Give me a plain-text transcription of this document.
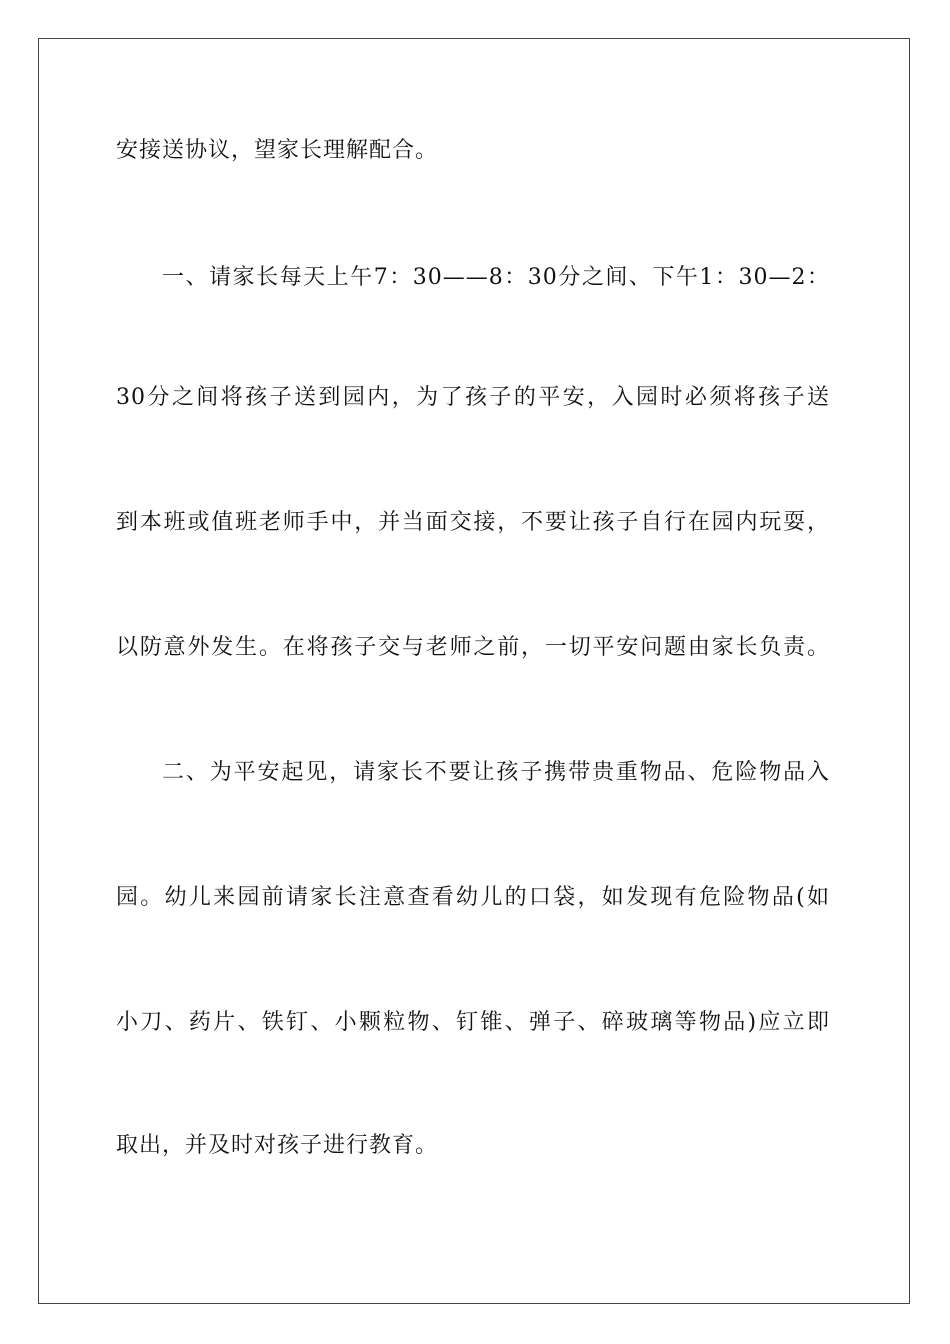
安接送协议，望家长理解配合。

一、请家长每天上午7：30——8：30分之间、下午1：30—2：

30分之间将孩子送到园内，为了孩子的平安，入园时必须将孩子送

到本班或值班老师手中，并当面交接，不要让孩子自行在园内玩耍，

以防意外发生。在将孩子交与老师之前，一切平安问题由家长负责。

二、为平安起见，请家长不要让孩子携带贵重物品、危险物品入

园。幼儿来园前请家长注意查看幼儿的口袋，如发现有危险物品(如

小刀、药片、铁钉、小颗粒物、钉锥、弹子、碎玻璃等物品)应立即

取出，并及时对孩子进行教育。
